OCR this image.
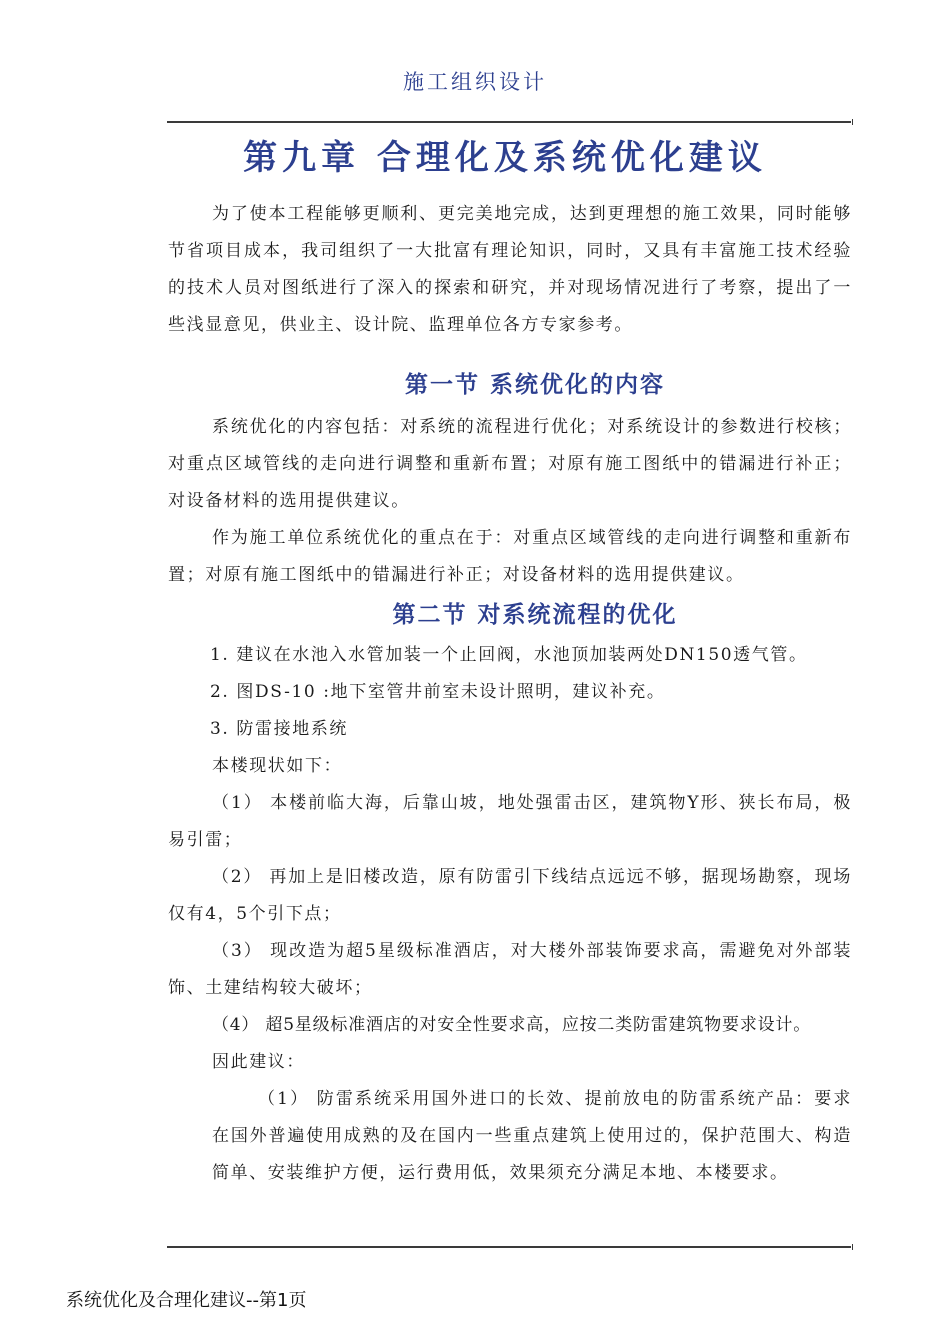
施工组织设计
第九章 合理化及系统优化建议

为了使本工程能够更顺利、更完美地完成，达到更理想的施工效果，同时能够节省项目成本，我司组织了一大批富有理论知识，同时，又具有丰富施工技术经验的技术人员对图纸进行了深入的探索和研究，并对现场情况进行了考察，提出了一些浅显意见，供业主、设计院、监理单位各方专家参考。

第一节 系统优化的内容

系统优化的内容包括：对系统的流程进行优化；对系统设计的参数进行校核；对重点区域管线的走向进行调整和重新布置；对原有施工图纸中的错漏进行补正；对设备材料的选用提供建议。

作为施工单位系统优化的重点在于：对重点区域管线的走向进行调整和重新布置；对原有施工图纸中的错漏进行补正；对设备材料的选用提供建议。

第二节 对系统流程的优化

1. 建议在水池入水管加装一个止回阀，水池顶加装两处DN150透气管。

2. 图DS-10 :地下室管井前室未设计照明，建议补充。

3. 防雷接地系统

本楼现状如下：

（1） 本楼前临大海，后靠山坡，地处强雷击区，建筑物Y形、狭长布局，极易引雷；

（2） 再加上是旧楼改造，原有防雷引下线结点远远不够，据现场勘察，现场仅有4，5个引下点；

（3） 现改造为超5星级标准酒店，对大楼外部装饰要求高，需避免对外部装饰、土建结构较大破坏；

（4） 超5星级标准酒店的对安全性要求高，应按二类防雷建筑物要求设计。

因此建议：

（1） 防雷系统采用国外进口的长效、提前放电的防雷系统产品：要求在国外普遍使用成熟的及在国内一些重点建筑上使用过的，保护范围大、构造简单、安装维护方便，运行费用低，效果须充分满足本地、本楼要求。

系统优化及合理化建议--第1页
